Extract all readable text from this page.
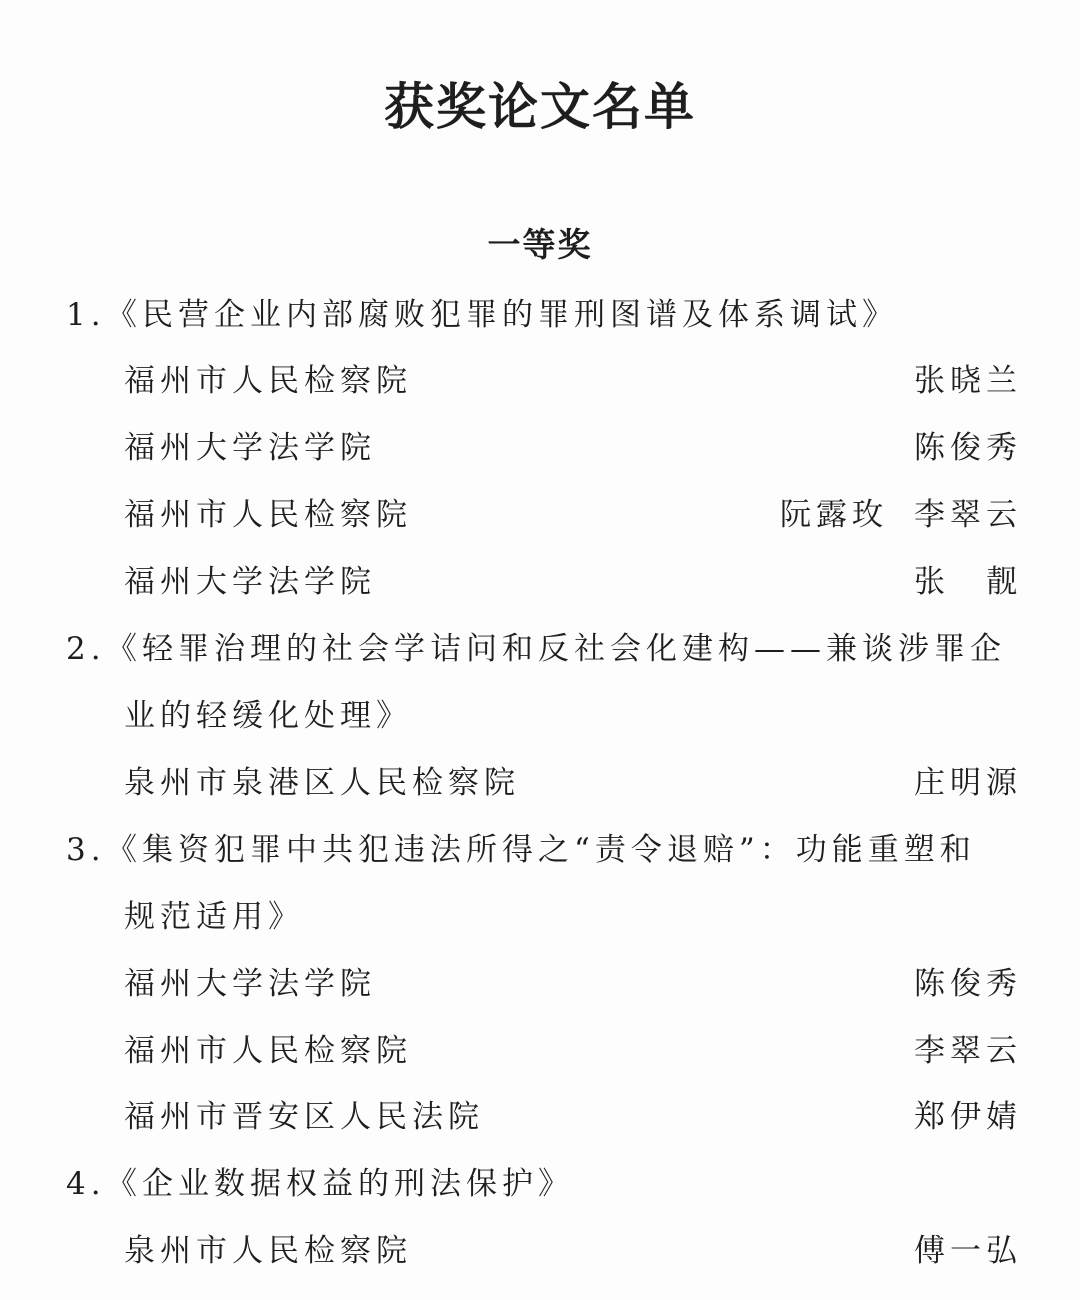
获奖论文名单
一等奖
1. 《民营企业内部腐败犯罪的罪刑图谱及体系调试》
福州市人民检察院	张晓兰
福州大学法学院	陈俊秀
福州市人民检察院	阮露玫 李翠云
福州大学法学院	张　靓
2. 《轻罪治理的社会学诘问和反社会化建构——兼谈涉罪企
业的轻缓化处理》
泉州市泉港区人民检察院	庄明源
3. 《集资犯罪中共犯违法所得之“责令退赔”：功能重塑和
规范适用》
福州大学法学院	陈俊秀
福州市人民检察院	李翠云
福州市晋安区人民法院	郑伊婧
4. 《企业数据权益的刑法保护》
泉州市人民检察院	傅一弘
